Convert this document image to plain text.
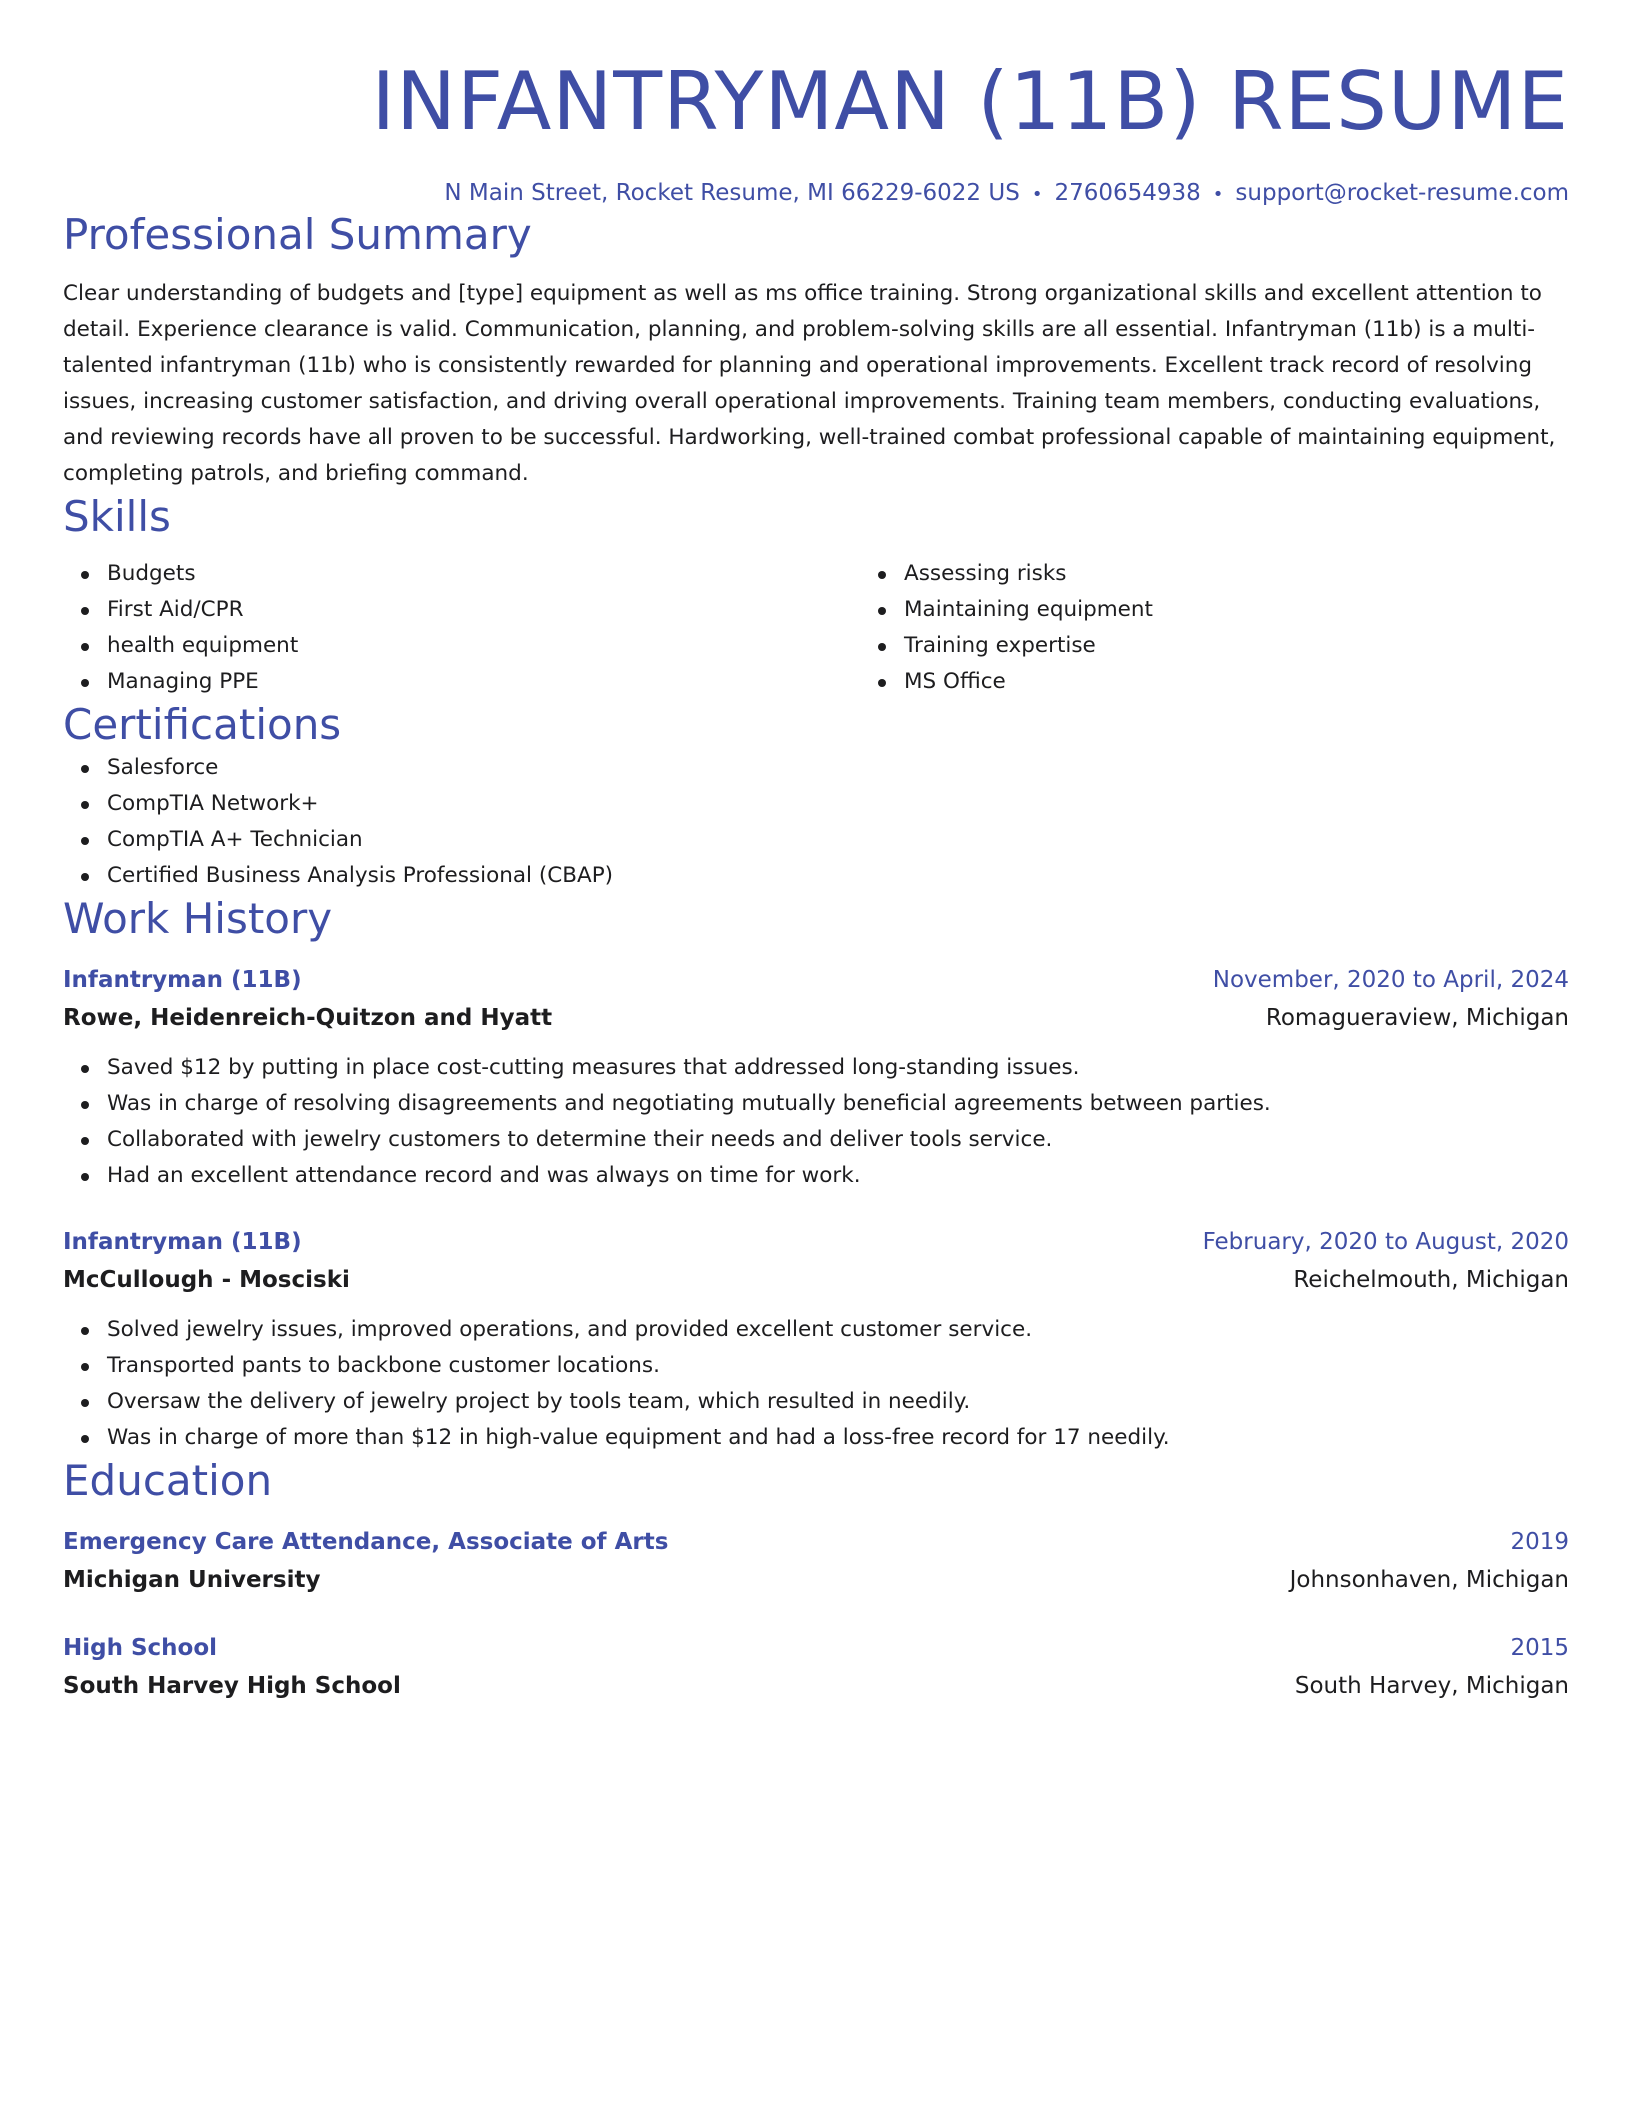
INFANTRYMAN (11B) RESUME
N Main Street, Rocket Resume, MI 66229-6022 US • 2760654938 • support@rocket-resume.com
Professional Summary

Clear understanding of budgets and [type] equipment as well as ms office training. Strong organizational skills and excellent attention to detail. Experience clearance is valid. Communication, planning, and problem-solving skills are all essential. Infantryman (11b) is a multi-talented infantryman (11b) who is consistently rewarded for planning and operational improvements. Excellent track record of resolving issues, increasing customer satisfaction, and driving overall operational improvements. Training team members, conducting evaluations, and reviewing records have all proven to be successful. Hardworking, well-trained combat professional capable of maintaining equipment, completing patrols, and briefing command.

Skills
Budgets
First Aid/CPR
health equipment
Managing PPE
Assessing risks
Maintaining equipment
Training expertise
MS Office
Certifications
Salesforce
CompTIA Network+
CompTIA A+ Technician
Certified Business Analysis Professional (CBAP)
Work History
Infantryman (11B)	November, 2020 to April, 2024
Rowe, Heidenreich-Quitzon and Hyatt	Romagueraview, Michigan
Saved $12 by putting in place cost-cutting measures that addressed long-standing issues.
Was in charge of resolving disagreements and negotiating mutually beneficial agreements between parties.
Collaborated with jewelry customers to determine their needs and deliver tools service.
Had an excellent attendance record and was always on time for work.
Infantryman (11B)	February, 2020 to August, 2020
McCullough - Mosciski	Reichelmouth, Michigan
Solved jewelry issues, improved operations, and provided excellent customer service.
Transported pants to backbone customer locations.
Oversaw the delivery of jewelry project by tools team, which resulted in needily.
Was in charge of more than $12 in high-value equipment and had a loss-free record for 17 needily.
Education
Emergency Care Attendance, Associate of Arts	2019
Michigan University	Johnsonhaven, Michigan
High School	2015
South Harvey High School	South Harvey, Michigan
